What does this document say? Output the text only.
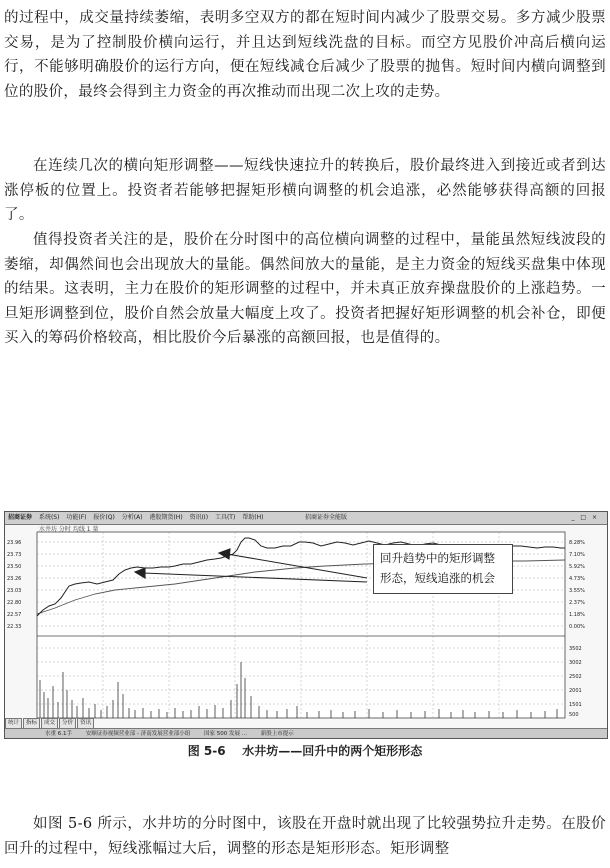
的过程中，成交量持续萎缩，表明多空双方的都在短时间内减少了股票交易。多方减少股票交易，是为了控制股价横向运行，并且达到短线洗盘的目标。而空方见股价冲高后横向运行，不能够明确股价的运行方向，便在短线减仓后减少了股票的抛售。短时间内横向调整到位的股价，最终会得到主力资金的再次推动而出现二次上攻的走势。

在连续几次的横向矩形调整——短线快速拉升的转换后，股价最终进入到接近或者到达涨停板的位置上。投资者若能够把握矩形横向调整的机会追涨，必然能够获得高额的回报了。

值得投资者关注的是，股价在分时图中的高位横向调整的过程中，量能虽然短线波段的萎缩，却偶然间也会出现放大的量能。偶然间放大的量能，是主力资金的短线买盘集中体现的结果。这表明，主力在股价的矩形调整的过程中，并未真正放弃操盘股价的上涨趋势。一旦矩形调整到位，股价自然会放量大幅度上攻了。投资者把握好矩形调整的机会补仓，即便买入的筹码价格较高，相比股价今后暴涨的高额回报，也是值得的。

招商证券 系统(S) 功能(F) 报价(Q) 分析(A) 港股期货(H) 资讯(I) 工具(T) 帮助(H)	招商证券全能版	_ □ ×
23.96
23.73
23.50
23.26
23.03
22.80
22.57
22.33
8.28%
7.10%
5.92%
4.73%
3.55%
2.37%
1.18%
0.00%
3502
3002
2502
2001
1501
500
水井坊 分时 均线 1 量
统计 指标 成交 分价 资讯
水重 6.1手	安顺证券视频营业部 - 济南发展营业部小组	国家 500 发展 ...	新股上市提示
回升趋势中的矩形调整
形态，短线追涨的机会
图 5-6 水井坊——回升中的两个矩形形态

如图 5-6 所示，水井坊的分时图中，该股在开盘时就出现了比较强势拉升走势。在股价回升的过程中，短线涨幅过大后，调整的形态是矩形形态。矩形调整
